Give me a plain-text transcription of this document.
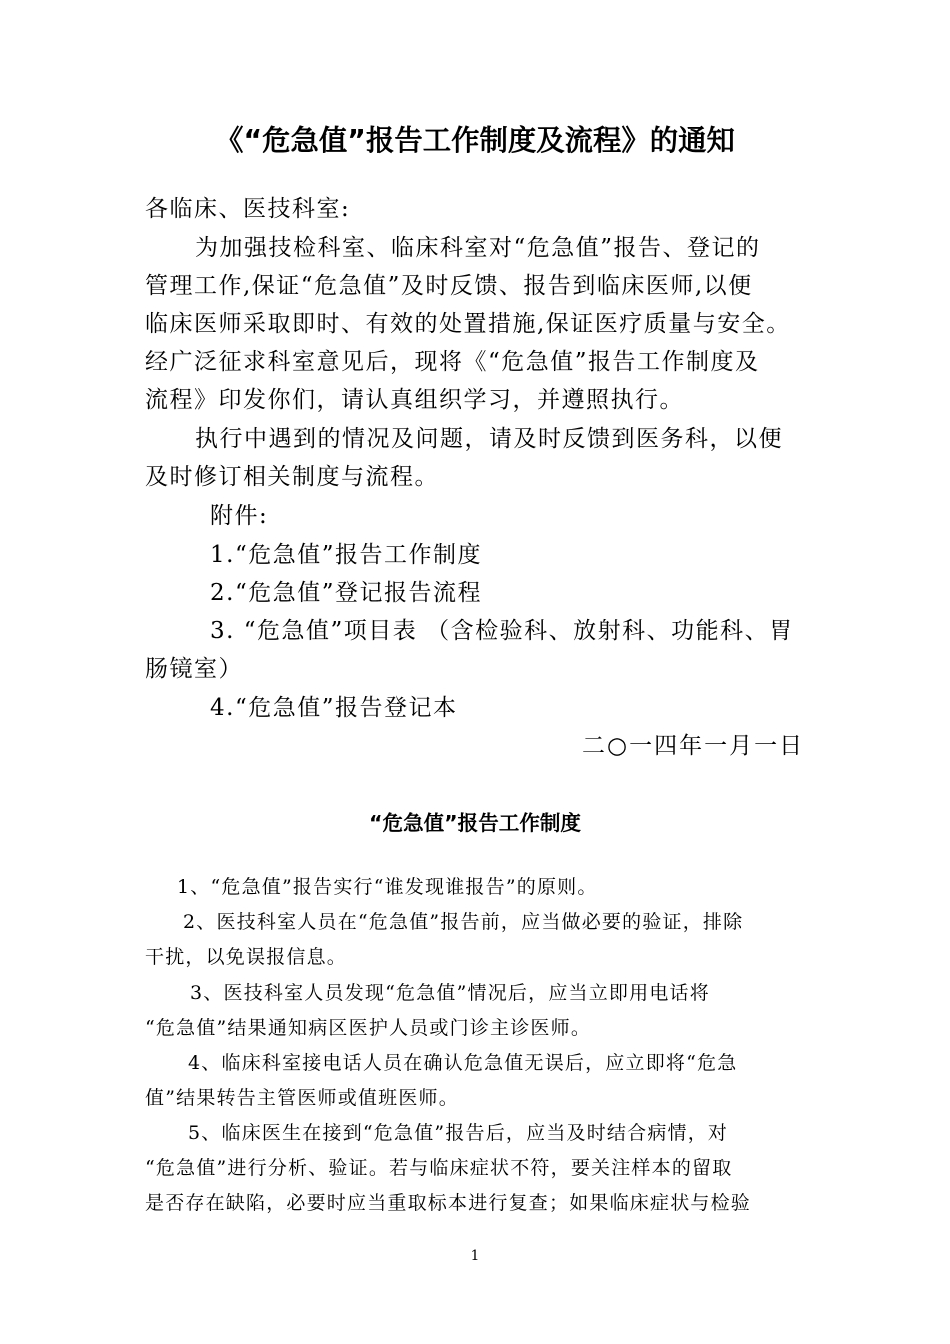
《“危急值”报告工作制度及流程》的通知

各临床、医技科室:

为加强技检科室、临床科室对“危急值”报告、登记的

管理工作,保证“危急值”及时反馈、报告到临床医师,以便

临床医师采取即时、有效的处置措施,保证医疗质量与安全。

经广泛征求科室意见后，现将《“危急值”报告工作制度及

流程》印发你们，请认真组织学习，并遵照执行。

执行中遇到的情况及问题，请及时反馈到医务科，以便

及时修订相关制度与流程。

附件:

1.“危急值”报告工作制度

2.“危急值”登记报告流程

3. “危急值”项目表 （含检验科、放射科、功能科、胃

肠镜室）

4.“危急值”报告登记本

二○一四年一月一日

“危急值”报告工作制度

1、“危急值”报告实行“谁发现谁报告”的原则。

2、医技科室人员在“危急值”报告前，应当做必要的验证，排除

干扰，以免误报信息。

3、医技科室人员发现“危急值”情况后，应当立即用电话将

“危急值”结果通知病区医护人员或门诊主诊医师。

4、临床科室接电话人员在确认危急值无误后，应立即将“危急

值”结果转告主管医师或值班医师。

5、临床医生在接到“危急值”报告后，应当及时结合病情，对

“危急值”进行分析、验证。若与临床症状不符，要关注样本的留取

是否存在缺陷，必要时应当重取标本进行复查；如果临床症状与检验

1
